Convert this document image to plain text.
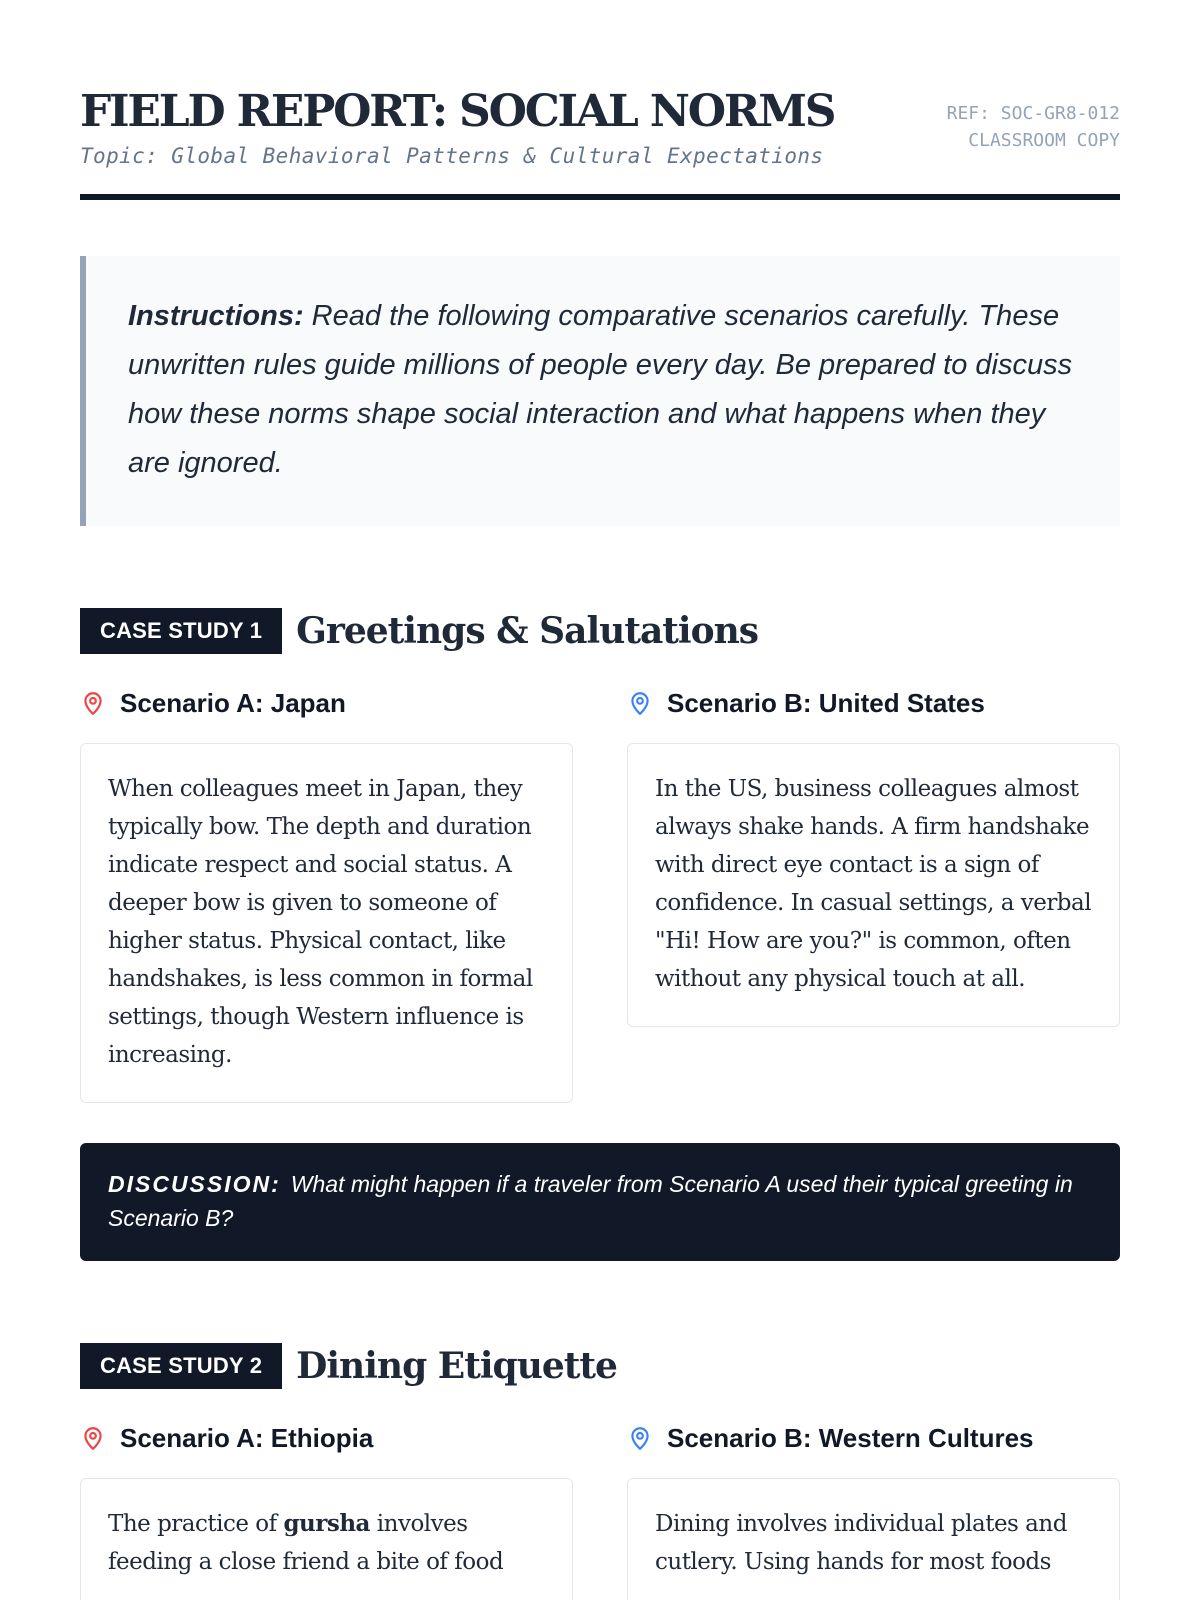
FIELD REPORT: SOCIAL NORMS
Topic: Global Behavioral Patterns & Cultural Expectations
REF: SOC-GR8-012
CLASSROOM COPY
Instructions: Read the following comparative scenarios carefully. These unwritten rules guide millions of people every day. Be prepared to discuss how these norms shape social interaction and what happens when they are ignored.
CASE STUDY 1 Greetings & Salutations
Scenario A: Japan
When colleagues meet in Japan, they typically bow. The depth and duration indicate respect and social status. A deeper bow is given to someone of higher status. Physical contact, like handshakes, is less common in formal settings, though Western influence is increasing.
Scenario B: United States
In the US, business colleagues almost always shake hands. A firm handshake with direct eye contact is a sign of confidence. In casual settings, a verbal "Hi! How are you?" is common, often without any physical touch at all.
DISCUSSION: What might happen if a traveler from Scenario A used their typical greeting in Scenario B?
CASE STUDY 2 Dining Etiquette
Scenario A: Ethiopia
The practice of gursha involves feeding a close friend a bite of food
Scenario B: Western Cultures
Dining involves individual plates and cutlery. Using hands for most foods
